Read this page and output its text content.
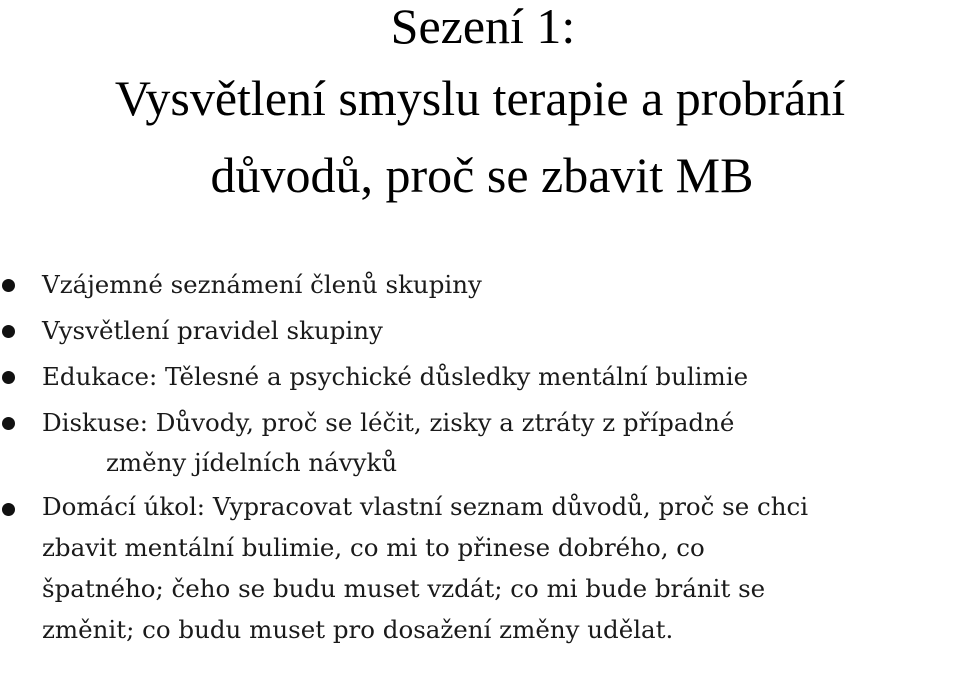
Sezení 1:
Vysvětlení smyslu terapie a probrání
důvodů, proč se zbavit MB
Vzájemné seznámení členů skupiny
Vysvětlení pravidel skupiny
Edukace: Tělesné a psychické důsledky mentální bulimie
Diskuse: Důvody, proč se léčit, zisky a ztráty z případné
změny jídelních návyků
Domácí úkol: Vypracovat vlastní seznam důvodů, proč se chci
zbavit mentální bulimie, co mi to přinese dobrého, co
špatného; čeho se budu muset vzdát; co mi bude bránit se
změnit; co budu muset pro dosažení změny udělat.
